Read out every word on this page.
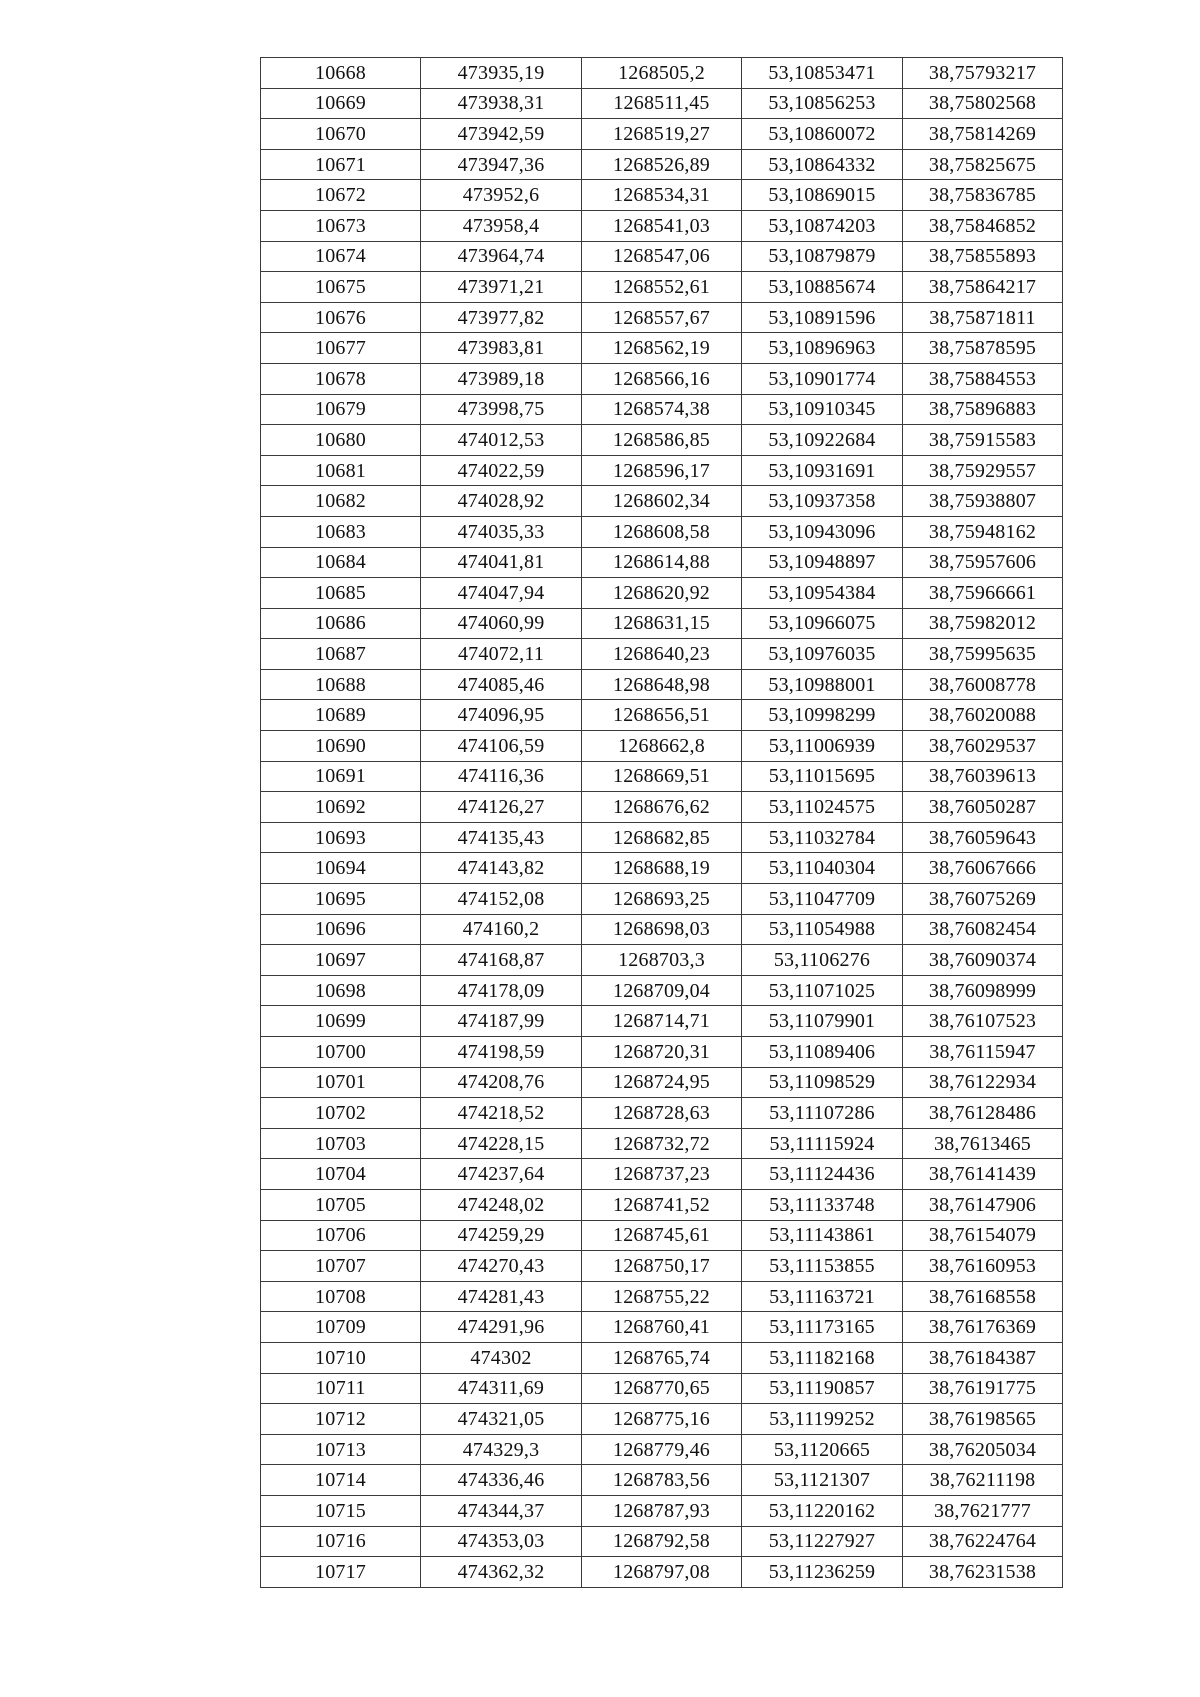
10668	473935,19	1268505,2	53,10853471	38,75793217
10669	473938,31	1268511,45	53,10856253	38,75802568
10670	473942,59	1268519,27	53,10860072	38,75814269
10671	473947,36	1268526,89	53,10864332	38,75825675
10672	473952,6	1268534,31	53,10869015	38,75836785
10673	473958,4	1268541,03	53,10874203	38,75846852
10674	473964,74	1268547,06	53,10879879	38,75855893
10675	473971,21	1268552,61	53,10885674	38,75864217
10676	473977,82	1268557,67	53,10891596	38,75871811
10677	473983,81	1268562,19	53,10896963	38,75878595
10678	473989,18	1268566,16	53,10901774	38,75884553
10679	473998,75	1268574,38	53,10910345	38,75896883
10680	474012,53	1268586,85	53,10922684	38,75915583
10681	474022,59	1268596,17	53,10931691	38,75929557
10682	474028,92	1268602,34	53,10937358	38,75938807
10683	474035,33	1268608,58	53,10943096	38,75948162
10684	474041,81	1268614,88	53,10948897	38,75957606
10685	474047,94	1268620,92	53,10954384	38,75966661
10686	474060,99	1268631,15	53,10966075	38,75982012
10687	474072,11	1268640,23	53,10976035	38,75995635
10688	474085,46	1268648,98	53,10988001	38,76008778
10689	474096,95	1268656,51	53,10998299	38,76020088
10690	474106,59	1268662,8	53,11006939	38,76029537
10691	474116,36	1268669,51	53,11015695	38,76039613
10692	474126,27	1268676,62	53,11024575	38,76050287
10693	474135,43	1268682,85	53,11032784	38,76059643
10694	474143,82	1268688,19	53,11040304	38,76067666
10695	474152,08	1268693,25	53,11047709	38,76075269
10696	474160,2	1268698,03	53,11054988	38,76082454
10697	474168,87	1268703,3	53,1106276	38,76090374
10698	474178,09	1268709,04	53,11071025	38,76098999
10699	474187,99	1268714,71	53,11079901	38,76107523
10700	474198,59	1268720,31	53,11089406	38,76115947
10701	474208,76	1268724,95	53,11098529	38,76122934
10702	474218,52	1268728,63	53,11107286	38,76128486
10703	474228,15	1268732,72	53,11115924	38,7613465
10704	474237,64	1268737,23	53,11124436	38,76141439
10705	474248,02	1268741,52	53,11133748	38,76147906
10706	474259,29	1268745,61	53,11143861	38,76154079
10707	474270,43	1268750,17	53,11153855	38,76160953
10708	474281,43	1268755,22	53,11163721	38,76168558
10709	474291,96	1268760,41	53,11173165	38,76176369
10710	474302	1268765,74	53,11182168	38,76184387
10711	474311,69	1268770,65	53,11190857	38,76191775
10712	474321,05	1268775,16	53,11199252	38,76198565
10713	474329,3	1268779,46	53,1120665	38,76205034
10714	474336,46	1268783,56	53,1121307	38,76211198
10715	474344,37	1268787,93	53,11220162	38,7621777
10716	474353,03	1268792,58	53,11227927	38,76224764
10717	474362,32	1268797,08	53,11236259	38,76231538
